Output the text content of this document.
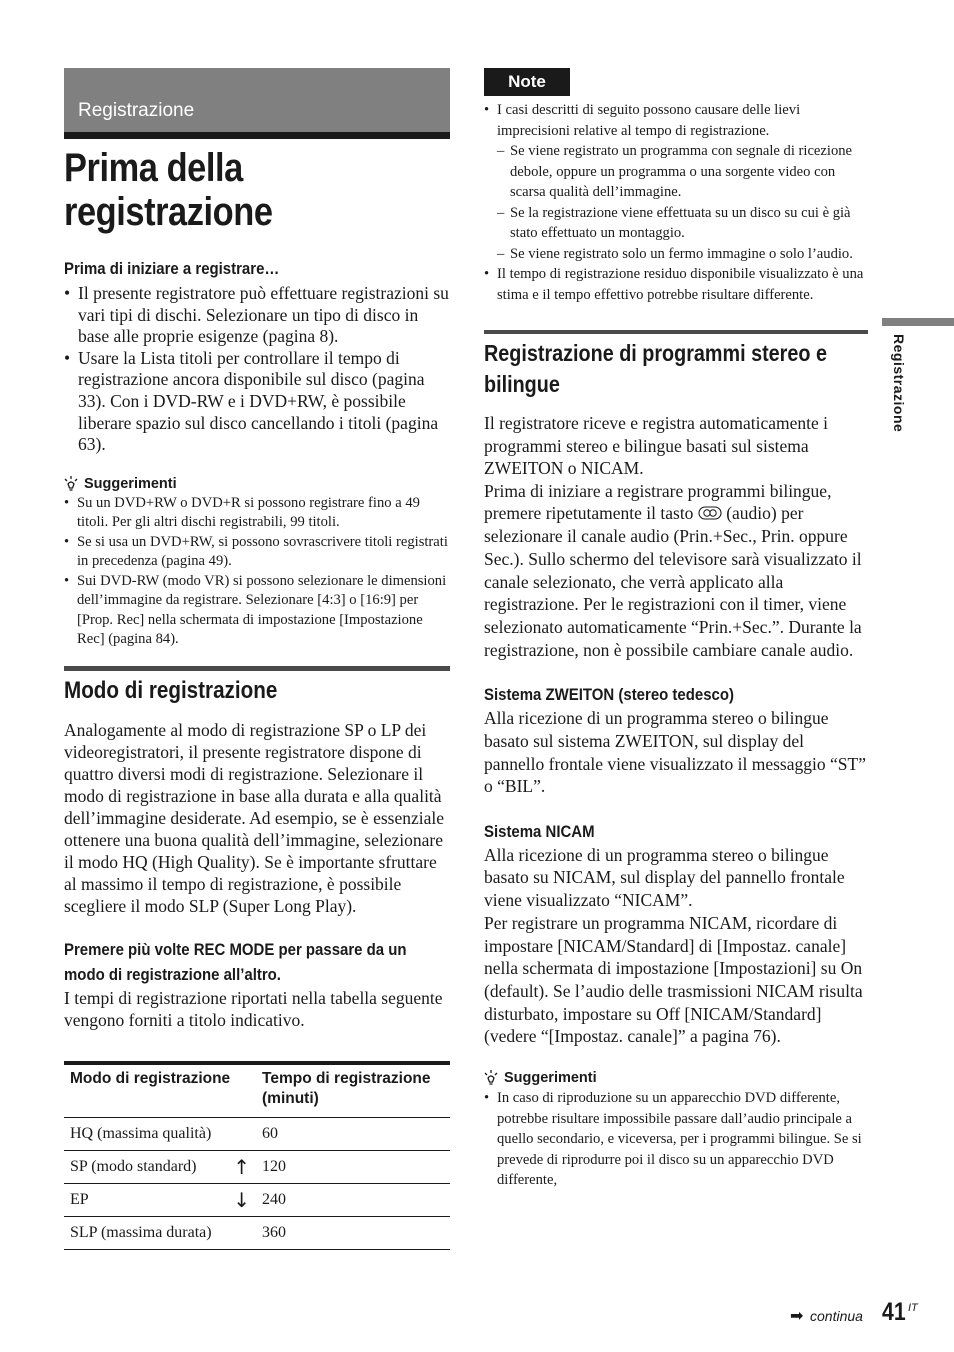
Registrazione
Prima della registrazione

Prima di iniziare a registrare…

• Il presente registratore può effettuare registrazioni su vari tipi di dischi. Selezionare un tipo di disco in base alle proprie esigenze (pagina 8).
• Usare la Lista titoli per controllare il tempo di registrazione ancora disponibile sul disco (pagina 33). Con i DVD-RW e i DVD+RW, è possibile liberare spazio sul disco cancellando i titoli (pagina 63).
Suggerimenti
• Su un DVD+RW o DVD+R si possono registrare fino a 49 titoli. Per gli altri dischi registrabili, 99 titoli.
• Se si usa un DVD+RW, si possono sovrascrivere titoli registrati in precedenza (pagina 49).
• Sui DVD-RW (modo VR) si possono selezionare le dimensioni dell’immagine da registrare. Selezionare [4:3] o [16:9] per [Prop. Rec] nella schermata di impostazione [Impostazione Rec] (pagina 84).
Modo di registrazione

Analogamente al modo di registrazione SP o LP dei videoregistratori, il presente registratore dispone di quattro diversi modi di registrazione. Selezionare il modo di registrazione in base alla durata e alla qualità dell’immagine desiderate. Ad esempio, se è essenziale ottenere una buona qualità dell’immagine, selezionare il modo HQ (High Quality). Se è importante sfruttare al massimo il tempo di registrazione, è possibile scegliere il modo SLP (Super Long Play).

Premere più volte REC MODE per passare da un modo di registrazione all’altro.

I tempi di registrazione riportati nella tabella seguente vengono forniti a titolo indicativo.

Modo di registrazione	Tempo di registrazione (minuti)
HQ (massima qualità)	60
SP (modo standard) ↑	120
EP ↓	240
SLP (massima durata)	360
Note
• I casi descritti di seguito possono causare delle lievi imprecisioni relative al tempo di registrazione.
– Se viene registrato un programma con segnale di ricezione debole, oppure un programma o una sorgente video con scarsa qualità dell’immagine.
– Se la registrazione viene effettuata su un disco su cui è già stato effettuato un montaggio.
– Se viene registrato solo un fermo immagine o solo l’audio.
• Il tempo di registrazione residuo disponibile visualizzato è una stima e il tempo effettivo potrebbe risultare differente.
Registrazione di programmi stereo e bilingue

Il registratore riceve e registra automaticamente i programmi stereo e bilingue basati sul sistema ZWEITON o NICAM.

Prima di iniziare a registrare programmi bilingue, premere ripetutamente il tasto (audio) per selezionare il canale audio (Prin.+Sec., Prin. oppure Sec.). Sullo schermo del televisore sarà visualizzato il canale selezionato, che verrà applicato alla registrazione. Per le registrazioni con il timer, viene selezionato automaticamente “Prin.+Sec.”. Durante la registrazione, non è possibile cambiare canale audio.

Sistema ZWEITON (stereo tedesco)

Alla ricezione di un programma stereo o bilingue basato sul sistema ZWEITON, sul display del pannello frontale viene visualizzato il messaggio “ST” o “BIL”.

Sistema NICAM

Alla ricezione di un programma stereo o bilingue basato su NICAM, sul display del pannello frontale viene visualizzato “NICAM”.

Per registrare un programma NICAM, ricordare di impostare [NICAM/Standard] di [Impostaz. canale] nella schermata di impostazione [Impostazioni] su On (default). Se l’audio delle trasmissioni NICAM risulta disturbato, impostare su Off [NICAM/Standard] (vedere “[Impostaz. canale]” a pagina 76).

Suggerimenti
• In caso di riproduzione su un apparecchio DVD differente, potrebbe risultare impossibile passare dall’audio principale a quello secondario, e viceversa, per i programmi bilingue. Se si prevede di riprodurre poi il disco su un apparecchio DVD differente,
Registrazione
➡ continua 41 IT
